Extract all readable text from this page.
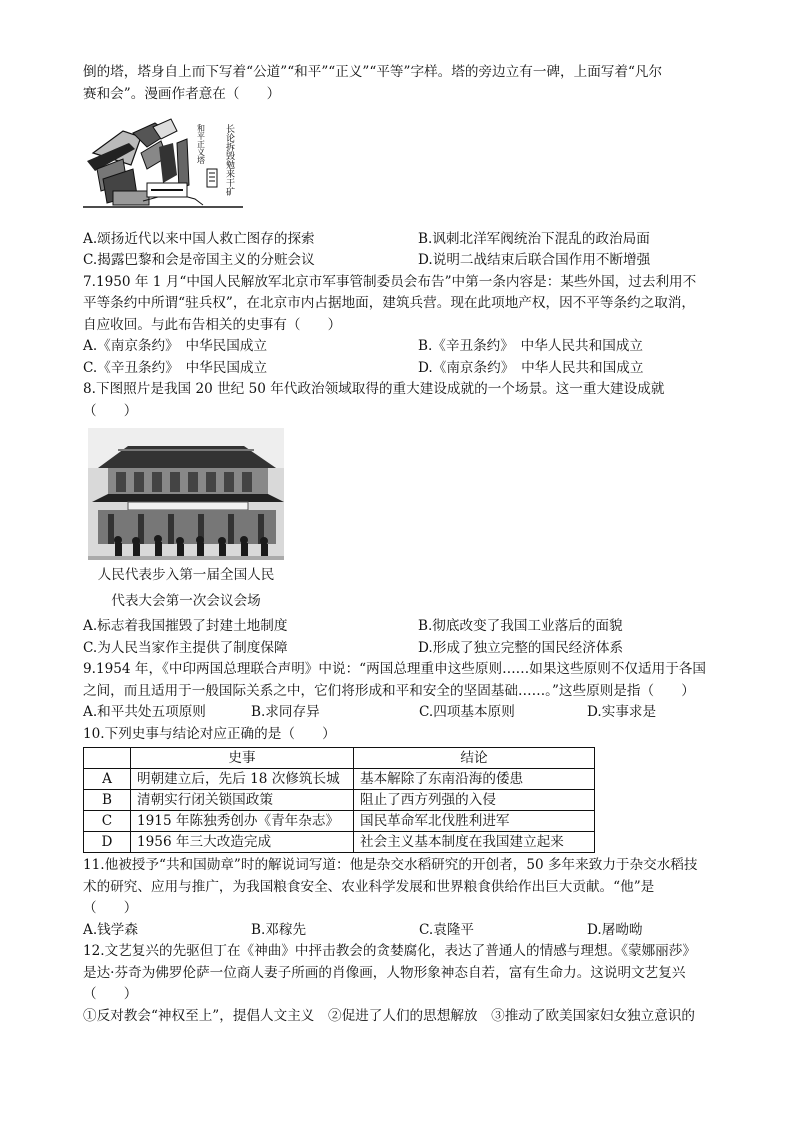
倒的塔，塔身自上而下写着“公道”“和平”“正义”“平等”字样。塔的旁边立有一碑，上面写着“凡尔

赛和会”。漫画作者意在（　　）

和平正义塔 长论拆毁勉来干矿

A.颂扬近代以来中国人救亡图存的探索	B.讽刺北洋军阀统治下混乱的政治局面

C.揭露巴黎和会是帝国主义的分赃会议	D.说明二战结束后联合国作用不断增强

7.1950 年 1 月“中国人民解放军北京市军事管制委员会布告”中第一条内容是：某些外国，过去利用不

平等条约中所谓“驻兵权”，在北京市内占据地面，建筑兵营。现在此项地产权，因不平等条约之取消，

自应收回。与此布告相关的史事有（　　）

A.《南京条约》　中华民国成立	B.《辛丑条约》　中华人民共和国成立

C.《辛丑条约》　中华民国成立	D.《南京条约》　中华人民共和国成立

8.下图照片是我国 20 世纪 50 年代政治领域取得的重大建设成就的一个场景。这一重大建设成就

（　　）

人民代表步入第一届全国人民

代表大会第一次会议会场

A.标志着我国摧毁了封建土地制度	B.彻底改变了我国工业落后的面貌

C.为人民当家作主提供了制度保障	D.形成了独立完整的国民经济体系

9.1954 年，《中印两国总理联合声明》中说：“两国总理重申这些原则……如果这些原则不仅适用于各国

之间，而且适用于一般国际关系之中，它们将形成和平和安全的坚固基础……。”这些原则是指（　　）

A.和平共处五项原则	B.求同存异	C.四项基本原则	D.实事求是

10.下列史事与结论对应正确的是（　　）

	史事	结论
A	明朝建立后，先后 18 次修筑长城	基本解除了东南沿海的倭患
B	清朝实行闭关锁国政策	阻止了西方列强的入侵
C	1915 年陈独秀创办《青年杂志》	国民革命军北伐胜利进军
D	1956 年三大改造完成	社会主义基本制度在我国建立起来

11.他被授予“共和国勋章”时的解说词写道：他是杂交水稻研究的开创者，50 多年来致力于杂交水稻技

术的研究、应用与推广，为我国粮食安全、农业科学发展和世界粮食供给作出巨大贡献。“他”是

（　　）

A.钱学森	B.邓稼先	C.袁隆平	D.屠呦呦

12.文艺复兴的先驱但丁在《神曲》中抨击教会的贪婪腐化，表达了普通人的情感与理想。《蒙娜丽莎》

是达·芬奇为佛罗伦萨一位商人妻子所画的肖像画，人物形象神态自若，富有生命力。这说明文艺复兴

（　　）

①反对教会“神权至上”，提倡人文主义　②促进了人们的思想解放　③推动了欧美国家妇女独立意识的
